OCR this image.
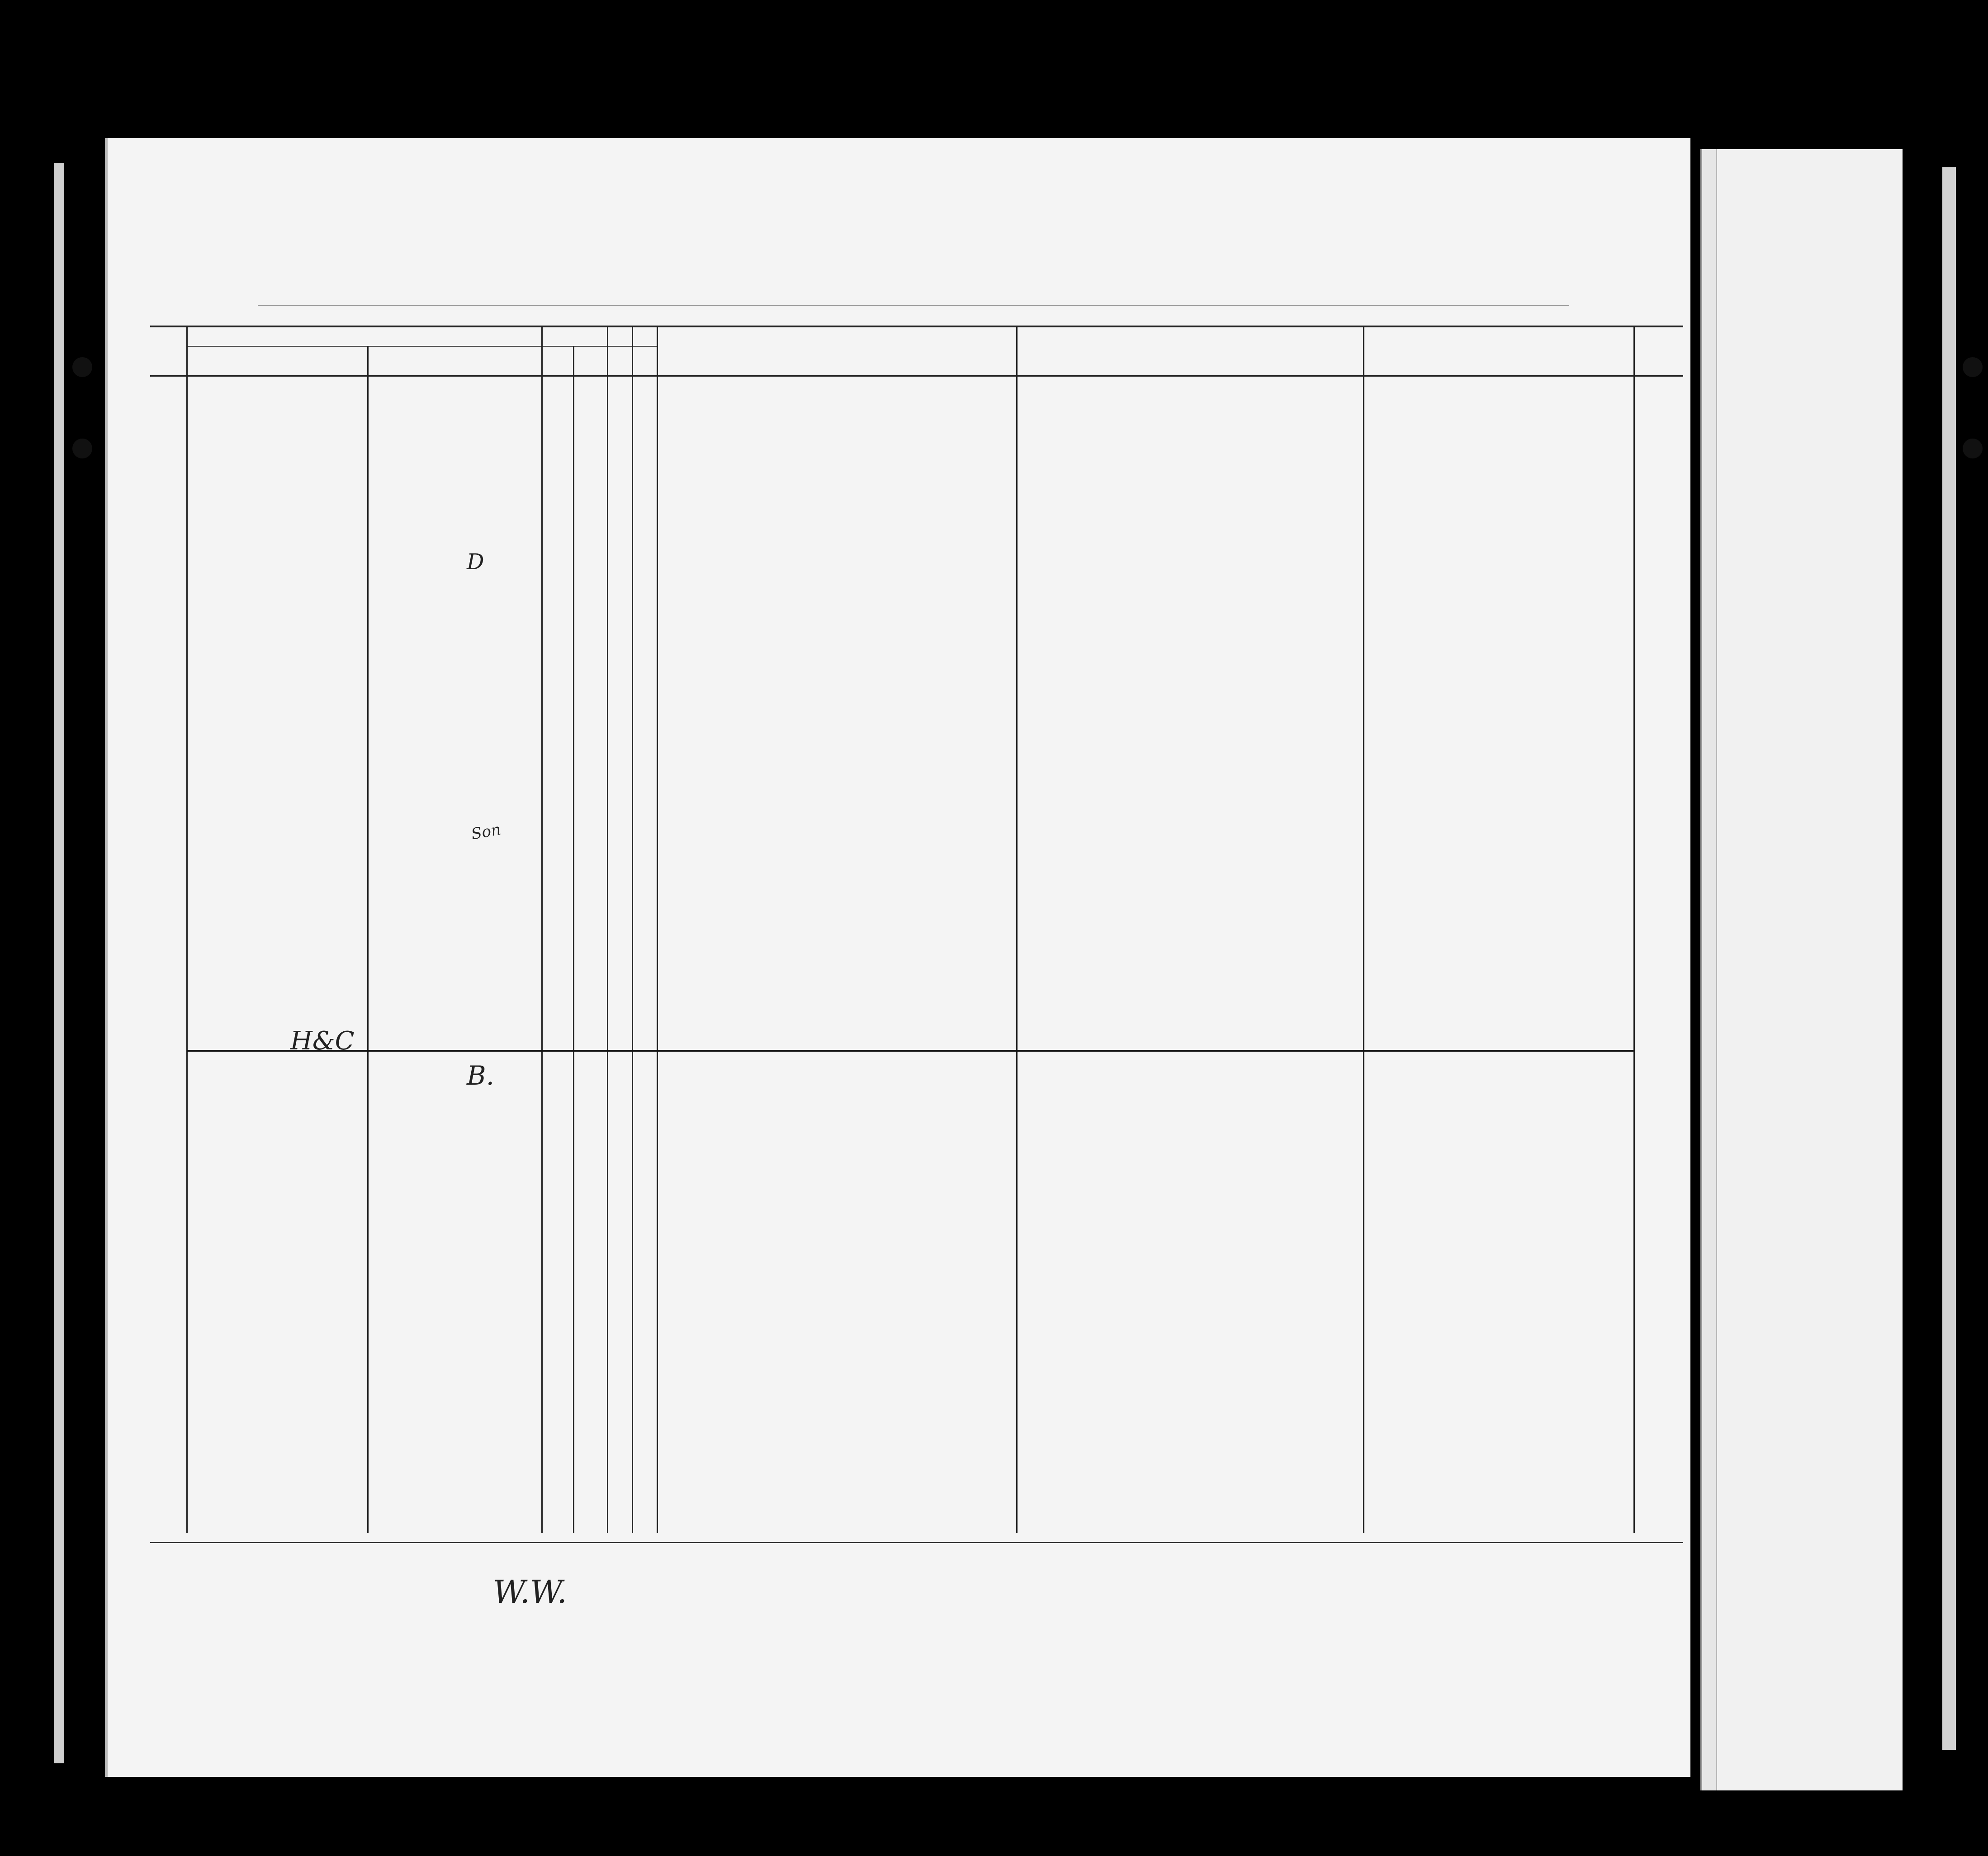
D
B.
H&C
Son
W.W.
